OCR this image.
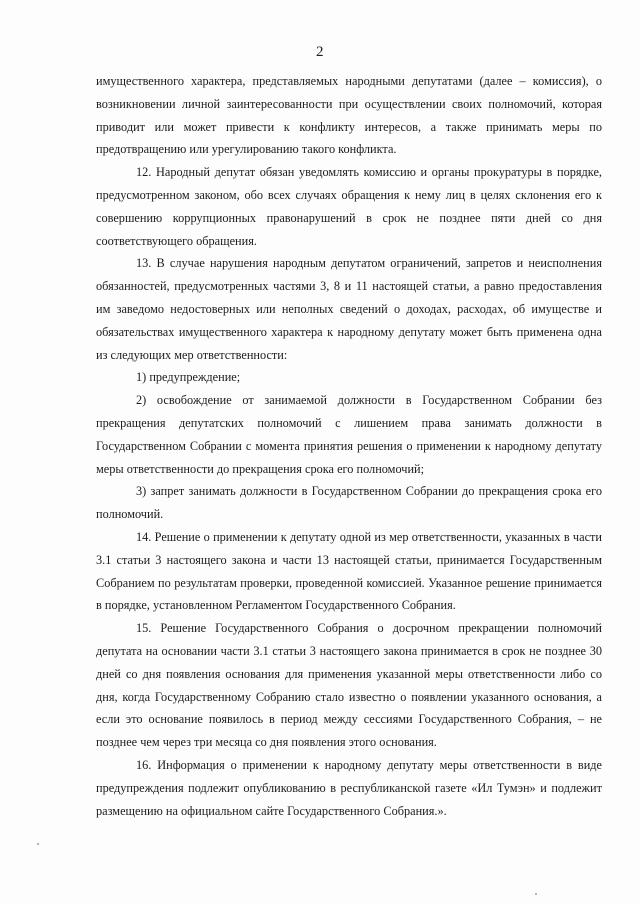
2

имущественного характера, представляемых народными депутатами (далее – комиссия), о возникновении личной заинтересованности при осуществлении своих полномочий, которая приводит или может привести к конфликту интересов, а также принимать меры по предотвращению или урегулированию такого конфликта.

12. Народный депутат обязан уведомлять комиссию и органы прокуратуры в порядке, предусмотренном законом, обо всех случаях обращения к нему лиц в целях склонения его к совершению коррупционных правонарушений в срок не позднее пяти дней со дня соответствующего обращения.

13. В случае нарушения народным депутатом ограничений, запретов и неисполнения обязанностей, предусмотренных частями 3, 8 и 11 настоящей статьи, а равно предоставления им заведомо недостоверных или неполных сведений о доходах, расходах, об имуществе и обязательствах имущественного характера к народному депутату может быть применена одна из следующих мер ответственности:

1) предупреждение;

2) освобождение от занимаемой должности в Государственном Собрании без прекращения депутатских полномочий с лишением права занимать должности в Государственном Собрании с момента принятия решения о применении к народному депутату меры ответственности до прекращения срока его полномочий;

3) запрет занимать должности в Государственном Собрании до прекращения срока его полномочий.

14. Решение о применении к депутату одной из мер ответственности, указанных в части 3.1 статьи 3 настоящего закона и части 13 настоящей статьи, принимается Государственным Собранием по результатам проверки, проведенной комиссией. Указанное решение принимается в порядке, установленном Регламентом Государственного Собрания.

15. Решение Государственного Собрания о досрочном прекращении полномочий депутата на основании части 3.1 статьи 3 настоящего закона принимается в срок не позднее 30 дней со дня появления основания для применения указанной меры ответственности либо со дня, когда Государственному Собранию стало известно о появлении указанного основания, а если это основание появилось в период между сессиями Государственного Собрания, – не позднее чем через три месяца со дня появления этого основания.

16. Информация о применении к народному депутату меры ответственности в виде предупреждения подлежит опубликованию в республиканской газете «Ил Тумэн» и подлежит размещению на официальном сайте Государственного Собрания.».
